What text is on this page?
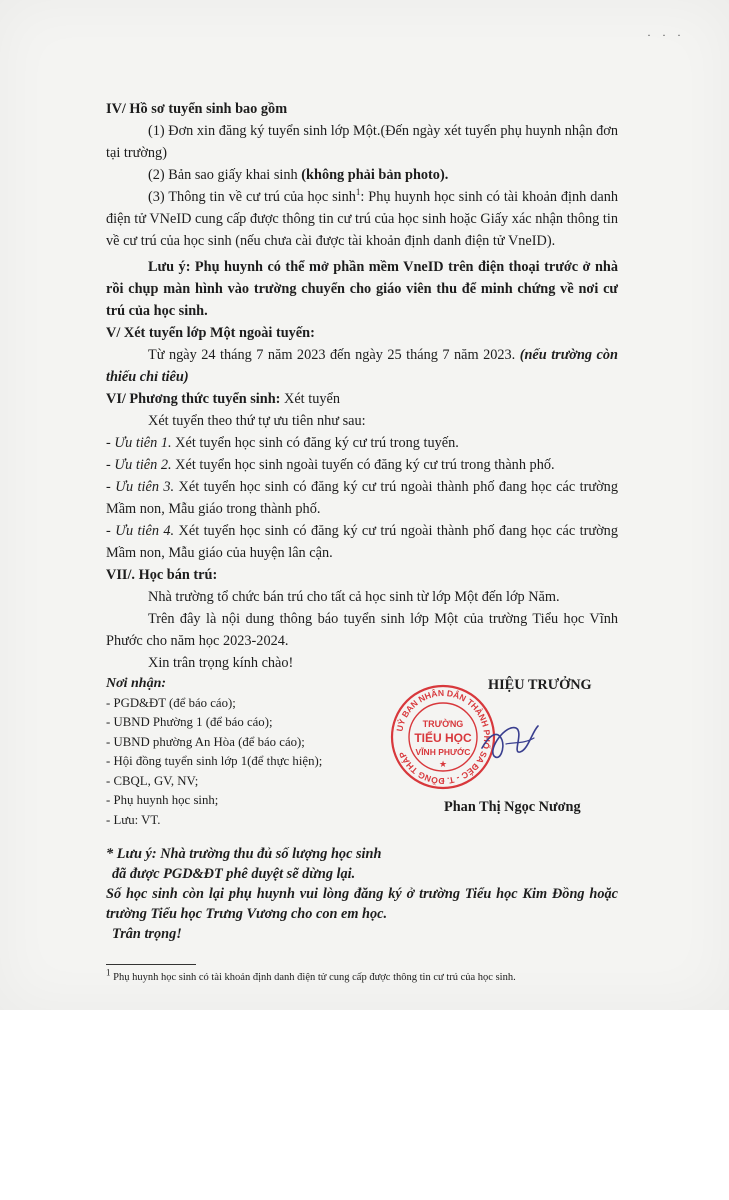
· · ·

IV/ Hồ sơ tuyển sinh bao gồm

(1) Đơn xin đăng ký tuyển sinh lớp Một.(Đến ngày xét tuyển phụ huynh nhận đơn tại trường)

(2) Bản sao giấy khai sinh (không phải bản photo).

(3) Thông tin về cư trú của học $\sinh^1$: Phụ huynh học sinh có tài khoản định danh điện tử VNeID cung cấp được thông tin cư trú của học sinh hoặc Giấy xác nhận thông tin về cư trú của học sinh (nếu chưa cài được tài khoản định danh điện tử VneID).

Lưu ý: Phụ huynh có thể mở phần mềm VneID trên điện thoại trước ở nhà rồi chụp màn hình vào trường chuyển cho giáo viên thu để minh chứng về nơi cư trú của học sinh.

V/ Xét tuyển lớp Một ngoài tuyến:

Từ ngày 24 tháng 7 năm 2023 đến ngày 25 tháng 7 năm 2023. (nếu trường còn thiếu chỉ tiêu)

VI/ Phương thức tuyển sinh: Xét tuyển

Xét tuyển theo thứ tự ưu tiên như sau:

- Ưu tiên 1. Xét tuyển học sinh có đăng ký cư trú trong tuyến.

- Ưu tiên 2. Xét tuyển học sinh ngoài tuyến có đăng ký cư trú trong thành phố.

- Ưu tiên 3. Xét tuyển học sinh có đăng ký cư trú ngoài thành phố đang học các trường Mầm non, Mẫu giáo trong thành phố.

- Ưu tiên 4. Xét tuyển học sinh có đăng ký cư trú ngoài thành phố đang học các trường Mầm non, Mẫu giáo của huyện lân cận.

VII/. Học bán trú:

Nhà trường tổ chức bán trú cho tất cả học sinh từ lớp Một đến lớp Năm.

Trên đây là nội dung thông báo tuyển sinh lớp Một của trường Tiểu học Vĩnh Phước cho năm học 2023-2024.

Xin trân trọng kính chào!

Nơi nhận:
- PGD&ĐT (để báo cáo);
- UBND Phường 1 (để báo cáo);
- UBND phường An Hòa (để báo cáo);
- Hội đồng tuyển sinh lớp 1(để thực hiện);
- CBQL, GV, NV;
- Phụ huynh học sinh;
- Lưu: VT.
HIỆU TRƯỞNG
UỶ BAN NHÂN DÂN THÀNH PHỐ SA ĐÉC - T. ĐỒNG THÁP
TRƯỜNG
TIỂU HỌC
VĨNH PHƯỚC
★
Phan Thị Ngọc Nương

* Lưu ý: Nhà trường thu đủ số lượng học sinh

đã được PGD&ĐT phê duyệt sẽ dừng lại.

Số học sinh còn lại phụ huynh vui lòng đăng ký ở trường Tiểu học Kim Đồng hoặc trường Tiểu học Trưng Vương cho con em học.

Trân trọng!

$^1$ Phụ huynh học sinh có tài khoản định danh điện tử cung cấp được thông tin cư trú của học sinh.
